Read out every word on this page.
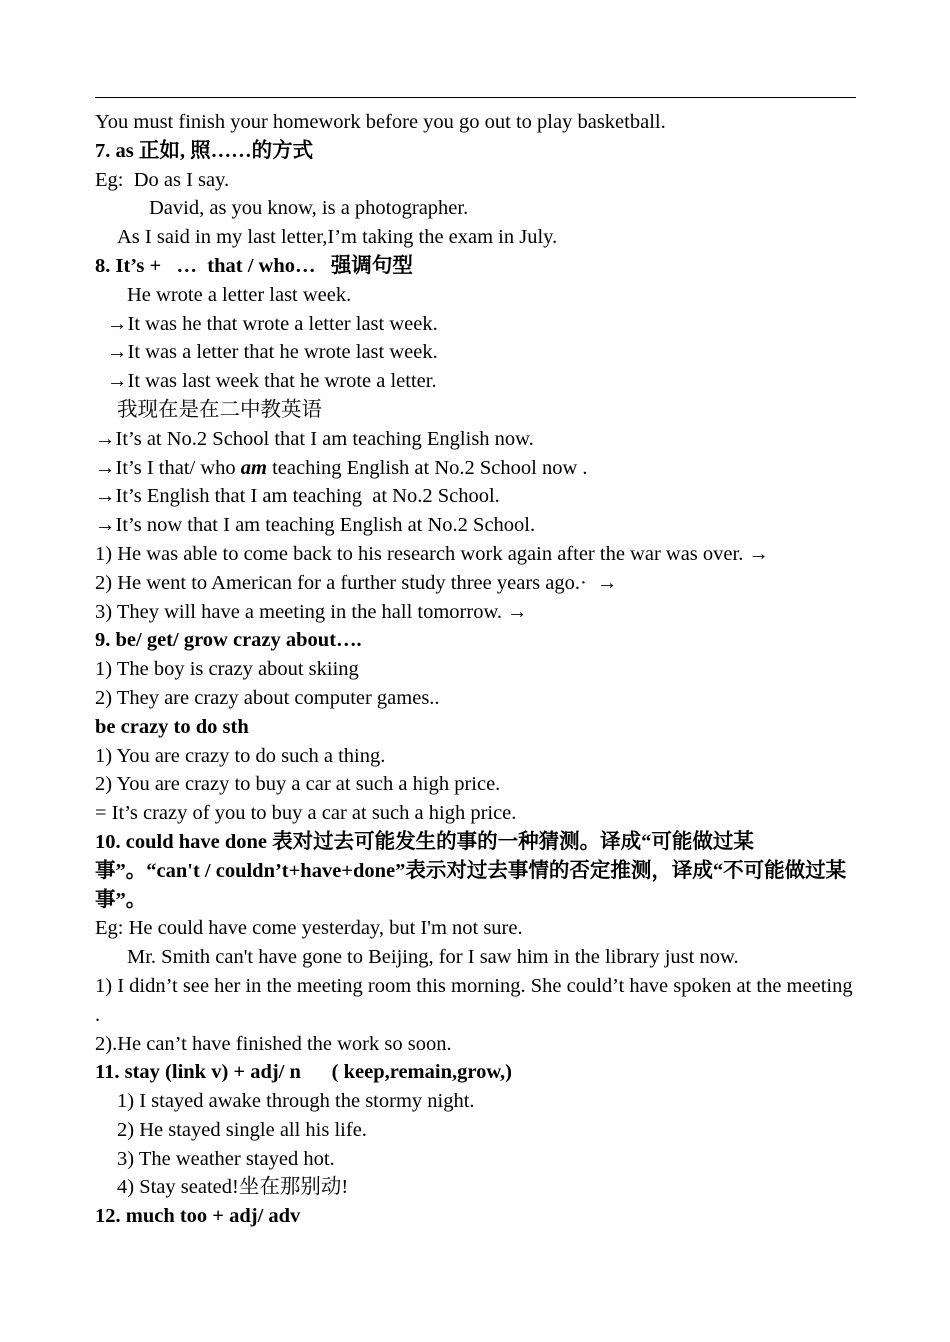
You must finish your homework before you go out to play basketball.
7. as 正如, 照……的方式
Eg:  Do as I say.
David, as you know, is a photographer.
As I said in my last letter,I’m taking the exam in July.
8. It’s +   …  that / who…   强调句型
He wrote a letter last week.
→It was he that wrote a letter last week.
→It was a letter that he wrote last week.
→It was last week that he wrote a letter.
我现在是在二中教英语
→It’s at No.2 School that I am teaching English now.
→It’s I that/ who am teaching English at No.2 School now .
→It’s English that I am teaching  at No.2 School.
→It’s now that I am teaching English at No.2 School.
1) He was able to come back to his research work again after the war was over. →
2) He went to American for a further study three years ago.·  →
3) They will have a meeting in the hall tomorrow. →
9. be/ get/ grow crazy about….
1) The boy is crazy about skiing
2) They are crazy about computer games..
be crazy to do sth
1) You are crazy to do such a thing.
2) You are crazy to buy a car at such a high price.
= It’s crazy of you to buy a car at such a high price.
10. could have done 表对过去可能发生的事的一种猜测。译成“可能做过某事”。“can't / couldn’t+have+done”表示对过去事情的否定推测，译成“不可能做过某事”。
Eg: He could have come yesterday, but I'm not sure.
Mr. Smith can't have gone to Beijing, for I saw him in the library just now.
1) I didn’t see her in the meeting room this morning. She could’t have spoken at the meeting .
2).He can’t have finished the work so soon.
11. stay (link v) + adj/ n      ( keep,remain,grow,)
1) I stayed awake through the stormy night.
2) He stayed single all his life.
3) The weather stayed hot.
4) Stay seated!坐在那别动!
12. much too + adj/ adv
